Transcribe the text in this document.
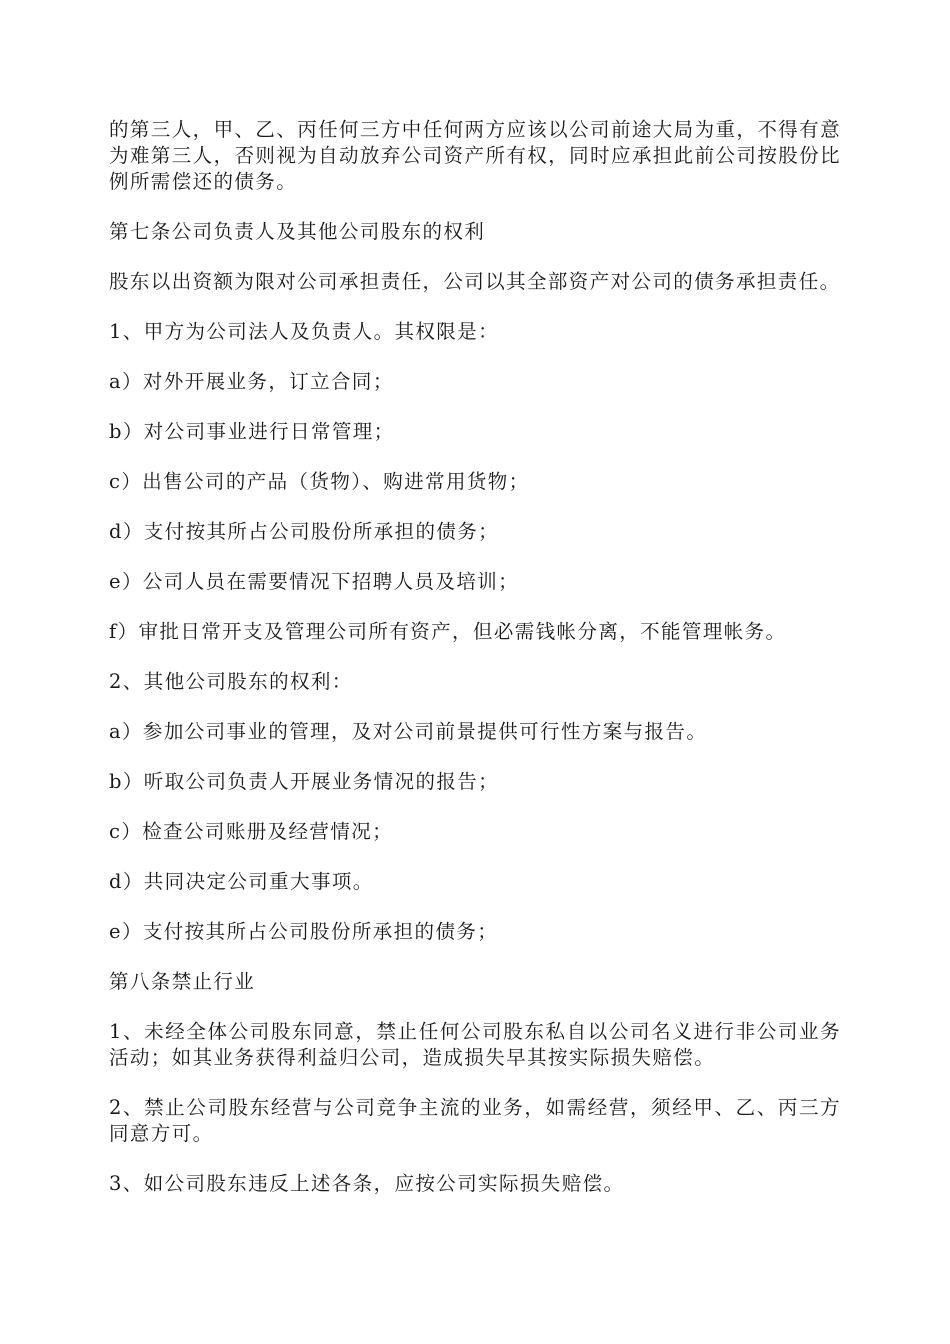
的第三人，甲、乙、丙任何三方中任何两方应该以公司前途大局为重，不得有意为难第三人，否则视为自动放弃公司资产所有权，同时应承担此前公司按股份比例所需偿还的债务。

第七条公司负责人及其他公司股东的权利

股东以出资额为限对公司承担责任，公司以其全部资产对公司的债务承担责任。

1、甲方为公司法人及负责人。其权限是：

a）对外开展业务，订立合同；

b）对公司事业进行日常管理；

c）出售公司的产品（货物）、购进常用货物；

d）支付按其所占公司股份所承担的债务；

e）公司人员在需要情况下招聘人员及培训；

f）审批日常开支及管理公司所有资产，但必需钱帐分离，不能管理帐务。

2、其他公司股东的权利：

a）参加公司事业的管理，及对公司前景提供可行性方案与报告。

b）听取公司负责人开展业务情况的报告；

c）检查公司账册及经营情况；

d）共同决定公司重大事项。

e）支付按其所占公司股份所承担的债务；

第八条禁止行业

1、未经全体公司股东同意，禁止任何公司股东私自以公司名义进行非公司业务活动；如其业务获得利益归公司，造成损失早其按实际损失赔偿。

2、禁止公司股东经营与公司竞争主流的业务，如需经营，须经甲、乙、丙三方同意方可。

3、如公司股东违反上述各条，应按公司实际损失赔偿。
